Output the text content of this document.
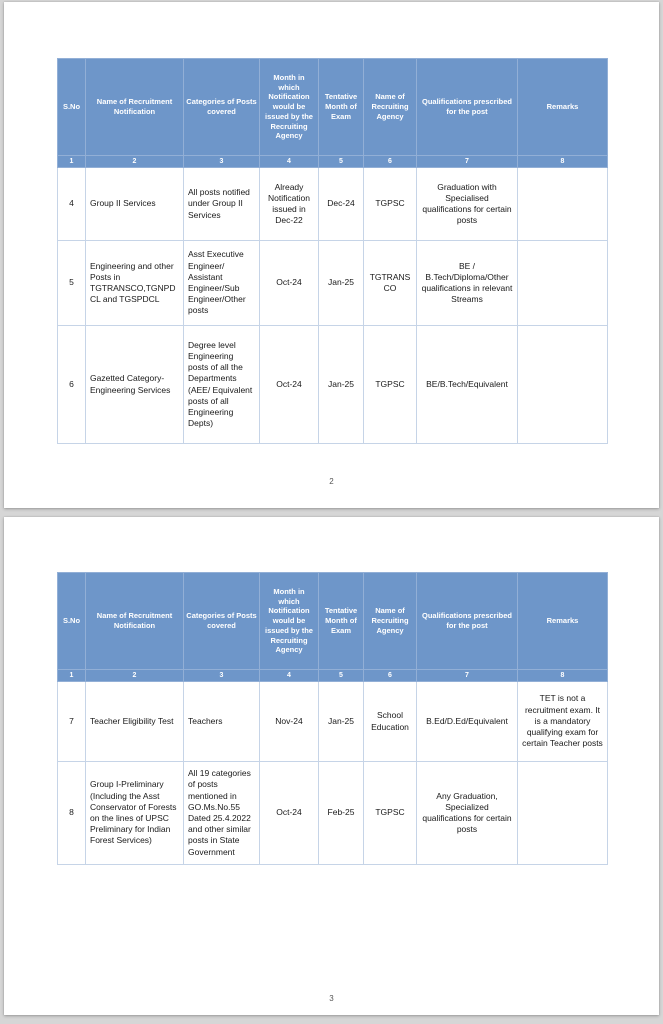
S.No	Name of Recruitment Notification	Categories of Posts covered	Month in which Notification would be issued by the Recruiting Agency	Tentative Month of Exam	Name of Recruiting Agency	Qualifications prescribed for the post	Remarks
1	2	3	4	5	6	7	8
4	Group II Services	All posts notified under Group II Services	Already Notification issued in Dec-22	Dec-24	TGPSC	Graduation with Specialised qualifications for certain posts	
5	Engineering and other Posts in TGTRANSCO,TGNPDCL and TGSPDCL	Asst Executive Engineer/ Assistant Engineer/Sub Engineer/Other posts	Oct-24	Jan-25	TGTRANSCO	BE / B.Tech/Diploma/Other qualifications in relevant Streams	
6	Gazetted Category- Engineering Services	Degree level Engineering posts of all the Departments (AEE/ Equivalent posts of all Engineering Depts)	Oct-24	Jan-25	TGPSC	BE/B.Tech/Equivalent	
2
S.No	Name of Recruitment Notification	Categories of Posts covered	Month in which Notification would be issued by the Recruiting Agency	Tentative Month of Exam	Name of Recruiting Agency	Qualifications prescribed for the post	Remarks
1	2	3	4	5	6	7	8
7	Teacher Eligibility Test	Teachers	Nov-24	Jan-25	School Education	B.Ed/D.Ed/Equivalent	TET is not a recruitment exam. It is a mandatory qualifying exam for certain Teacher posts
8	Group I-Preliminary (Including the Asst Conservator of Forests on the lines of UPSC Preliminary for Indian Forest Services)	All 19 categories of posts mentioned in GO.Ms.No.55 Dated 25.4.2022 and other similar posts in State Government	Oct-24	Feb-25	TGPSC	Any Graduation, Specialized qualifications for certain posts	
3
